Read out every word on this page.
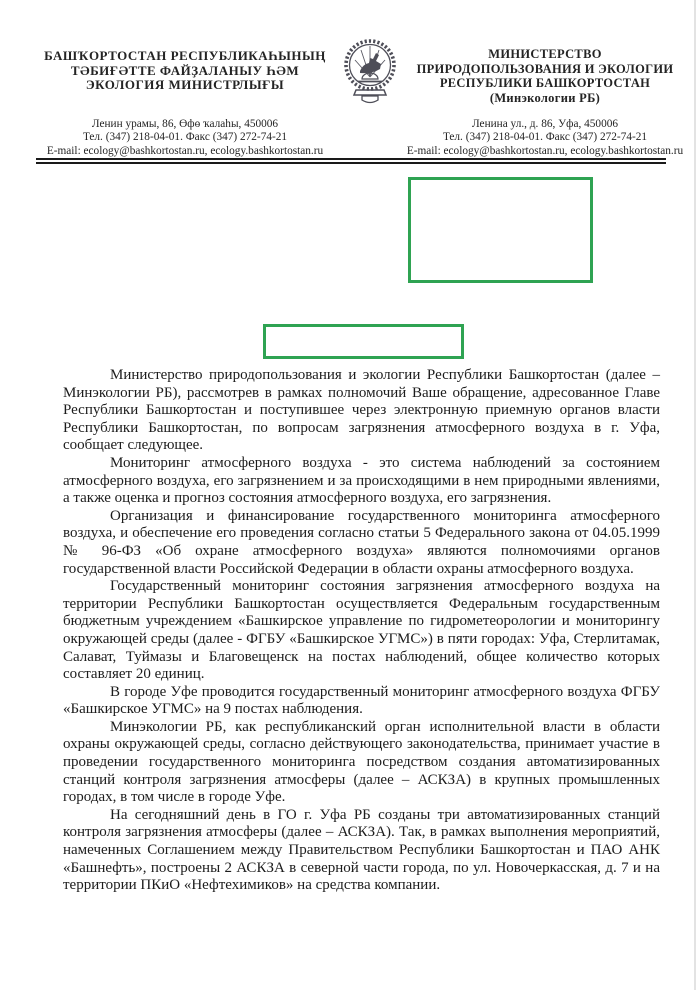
БАШҠОРТОСТАН РЕСПУБЛИКАҺЫНЫҢ
ТӘБИҒӘТТЕ ФАЙҘАЛАНЫУ ҺӘМ
ЭКОЛОГИЯ МИНИСТРЛЫҒЫ
Ленин урамы, 86, Өфө ҡалаһы, 450006
Тел. (347) 218-04-01. Факс (347) 272-74-21
E-mail: ecology@bashkortostan.ru, ecology.bashkortostan.ru
МИНИСТЕРСТВО
ПРИРОДОПОЛЬЗОВАНИЯ И ЭКОЛОГИИ
РЕСПУБЛИКИ БАШКОРТОСТАН
(Минэкологии РБ)
Ленина ул., д. 86, Уфа, 450006
Тел. (347) 218-04-01. Факс (347) 272-74-21
E-mail: ecology@bashkortostan.ru, ecology.bashkortostan.ru

Министерство природопользования и экологии Республики Башкортостан (далее – Минэкологии РБ), рассмотрев в рамках полномочий Ваше обращение, адресованное Главе Республики Башкортостан и поступившее через электронную приемную органов власти Республики Башкортостан, по вопросам загрязнения атмосферного воздуха в г. Уфа, сообщает следующее.

Мониторинг атмосферного воздуха - это система наблюдений за состоянием атмосферного воздуха, его загрязнением и за происходящими в нем природными явлениями, а также оценка и прогноз состояния атмосферного воздуха, его загрязнения.

Организация и финансирование государственного мониторинга атмосферного воздуха, и обеспечение его проведения согласно статьи 5 Федерального закона от 04.05.1999 № 96-ФЗ «Об охране атмосферного воздуха» являются полномочиями органов государственной власти Российской Федерации в области охраны атмосферного воздуха.

Государственный мониторинг состояния загрязнения атмосферного воздуха на территории Республики Башкортостан осуществляется Федеральным государственным бюджетным учреждением «Башкирское управление по гидрометеорологии и мониторингу окружающей среды (далее - ФГБУ «Башкирское УГМС») в пяти городах: Уфа, Стерлитамак, Салават, Туймазы и Благовещенск на постах наблюдений, общее количество которых составляет 20 единиц.

В городе Уфе проводится государственный мониторинг атмосферного воздуха ФГБУ «Башкирское УГМС» на 9 постах наблюдения.

Минэкологии РБ, как республиканский орган исполнительной власти в области охраны окружающей среды, согласно действующего законодательства, принимает участие в проведении государственного мониторинга посредством создания автоматизированных станций контроля загрязнения атмосферы (далее – АСКЗА) в крупных промышленных городах, в том числе в городе Уфе.

На сегодняшний день в ГО г. Уфа РБ созданы три автоматизированных станций контроля загрязнения атмосферы (далее – АСКЗА). Так, в рамках выполнения мероприятий, намеченных Соглашением между Правительством Республики Башкортостан и ПАО АНК «Башнефть», построены 2 АСКЗА в северной части города, по ул. Новочеркасская, д. 7 и на территории ПКиО «Нефтехимиков» на средства компании.
